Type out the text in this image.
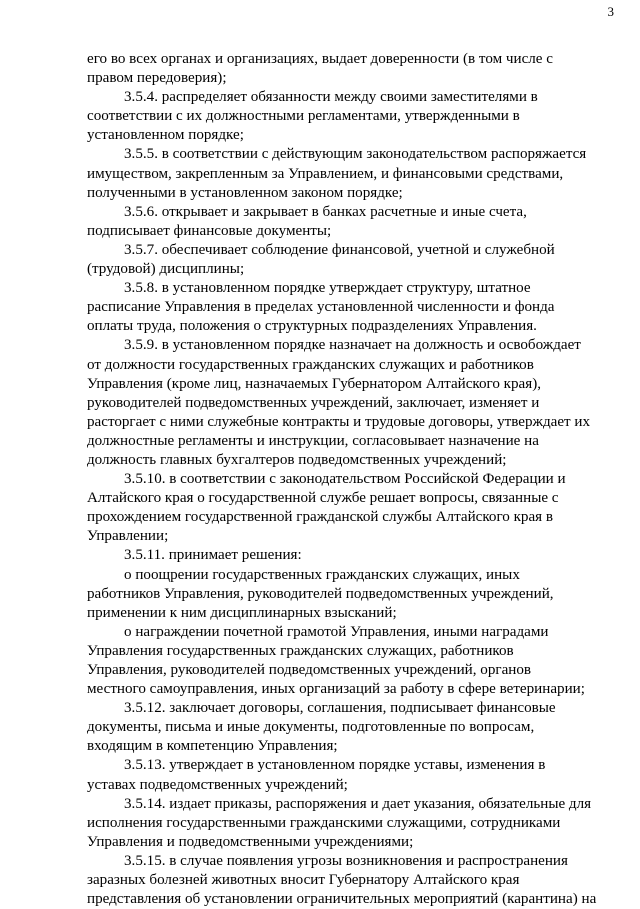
3

его во всех органах и организациях, выдает доверенности (в том числе с
правом передоверия);

3.5.4. распределяет обязанности между своими заместителями в
соответствии с их должностными регламентами, утвержденными в
установленном порядке;

3.5.5. в соответствии с действующим законодательством распоряжается
имуществом, закрепленным за Управлением, и финансовыми средствами,
полученными в установленном законом порядке;

3.5.6. открывает и закрывает в банках расчетные и иные счета,
подписывает финансовые документы;

3.5.7. обеспечивает соблюдение финансовой, учетной и служебной
(трудовой) дисциплины;

3.5.8. в установленном порядке утверждает структуру, штатное
расписание Управления в пределах установленной численности и фонда
оплаты труда, положения о структурных подразделениях Управления.

3.5.9. в установленном порядке назначает на должность и освобождает
от должности государственных гражданских служащих и работников
Управления (кроме лиц, назначаемых Губернатором Алтайского края),
руководителей подведомственных учреждений, заключает, изменяет и
расторгает с ними служебные контракты и трудовые договоры, утверждает их
должностные регламенты и инструкции, согласовывает назначение на
должность главных бухгалтеров подведомственных учреждений;

3.5.10. в соответствии с законодательством Российской Федерации и
Алтайского края о государственной службе решает вопросы, связанные с
прохождением государственной гражданской службы Алтайского края в
Управлении;

3.5.11. принимает решения:

о поощрении государственных гражданских служащих, иных
работников Управления, руководителей подведомственных учреждений,
применении к ним дисциплинарных взысканий;

о награждении почетной грамотой Управления, иными наградами
Управления государственных гражданских служащих, работников
Управления, руководителей подведомственных учреждений, органов
местного самоуправления, иных организаций за работу в сфере ветеринарии;

3.5.12. заключает договоры, соглашения, подписывает финансовые
документы, письма и иные документы, подготовленные по вопросам,
входящим в компетенцию Управления;

3.5.13. утверждает в установленном порядке уставы, изменения в
уставах подведомственных учреждений;

3.5.14. издает приказы, распоряжения и дает указания, обязательные для
исполнения государственными гражданскими служащими, сотрудниками
Управления и подведомственными учреждениями;

3.5.15. в случае появления угрозы возникновения и распространения
заразных болезней животных вносит Губернатору Алтайского края
представления об установлении ограничительных мероприятий (карантина) на
